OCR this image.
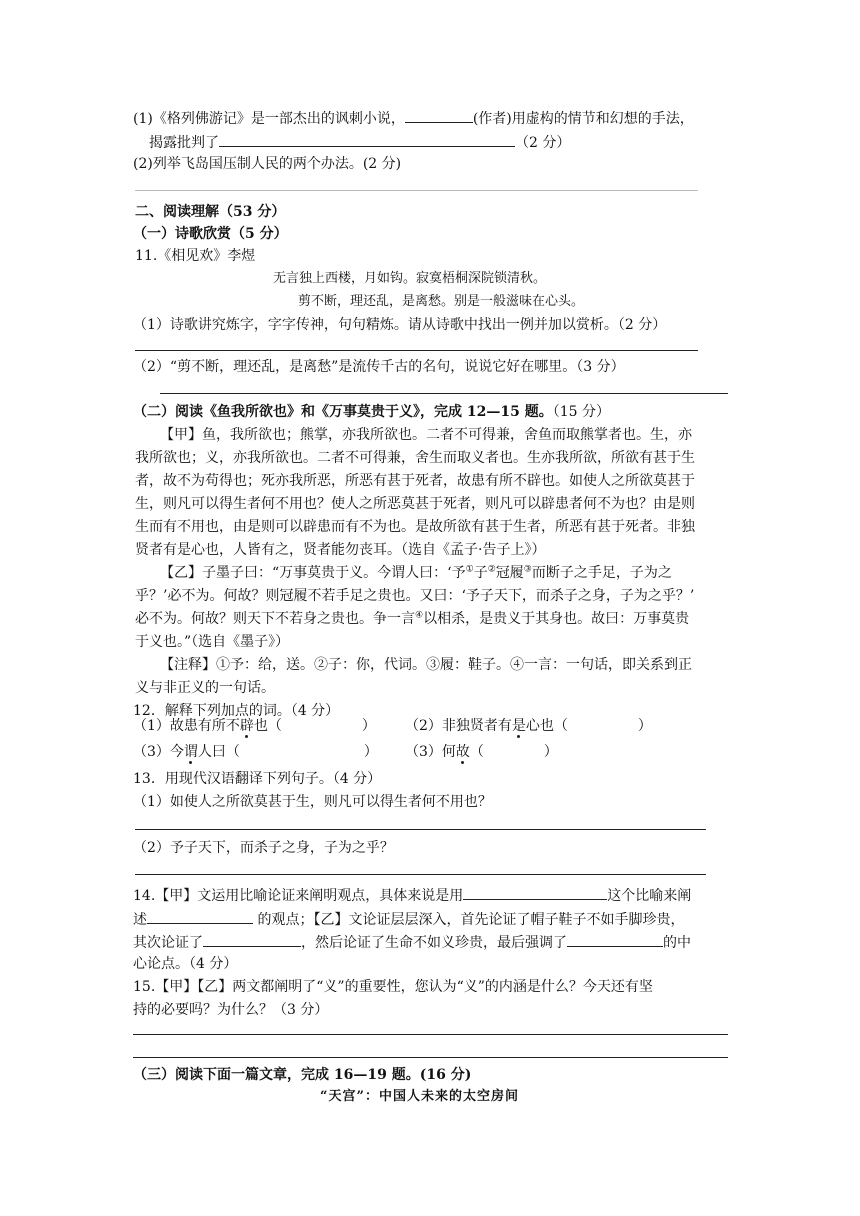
(1)《格列佛游记》是一部杰出的讽刺小说，	(作者)用虚构的情节和幻想的手法，
揭露批判了	（2 分）
(2)列举飞岛国压制人民的两个办法。(2 分)
二、阅读理解（53 分）
（一）诗歌欣赏（5 分）
11.《相见欢》李煜
无言独上西楼，月如钩。寂寞梧桐深院锁清秋。
剪不断，理还乱，是离愁。别是一般滋味在心头。
（1）诗歌讲究炼字，字字传神，句句精炼。请从诗歌中找出一例并加以赏析。（2 分）
（2）“剪不断，理还乱，是离愁”是流传千古的名句，说说它好在哪里。（3 分）
（二）阅读《鱼我所欲也》和《万事莫贵于义》，完成 12—15 题。（15 分）
【甲】鱼，我所欲也；熊掌，亦我所欲也。二者不可得兼，舍鱼而取熊掌者也。生，亦
我所欲也；义，亦我所欲也。二者不可得兼，舍生而取义者也。生亦我所欲，所欲有甚于生
者，故不为苟得也；死亦我所恶，所恶有甚于死者，故患有所不辟也。如使人之所欲莫甚于
生，则凡可以得生者何不用也？使人之所恶莫甚于死者，则凡可以辟患者何不为也？由是则
生而有不用也，由是则可以辟患而有不为也。是故所欲有甚于生者，所恶有甚于死者。非独
贤者有是心也，人皆有之，贤者能勿丧耳。（选自《孟子·告子上》）
【乙】子墨子曰：“万事莫贵于义。今谓人曰：‘予①子②冠履③而断子之手足，子为之
乎？’必不为。何故？则冠履不若手足之贵也。又曰：‘予子天下，而杀子之身，子为之乎？’
必不为。何故？则天下不若身之贵也。争一言④以相杀，是贵义于其身也。故曰：万事莫贵
于义也。”（选自《墨子》）
【注释】①予：给，送。②子：你，代词。③履：鞋子。④一言：一句话，即关系到正
义与非正义的一句话。
12．解释下列加点的词。（4 分）
（1）故患有所不辟也（	） （2）非独贤者有是心也（	）
（3）今谓人曰（	） （3）何故（	）
13．用现代汉语翻译下列句子。（4 分）
（1）如使人之所欲莫甚于生，则凡可以得生者何不用也？
（2）予子天下，而杀子之身，子为之乎？
14.【甲】文运用比喻论证来阐明观点，具体来说是用	这个比喻来阐
述	的观点；【乙】文论证层层深入，首先论证了帽子鞋子不如手脚珍贵，
其次论证了	，然后论证了生命不如义珍贵，最后强调了	的中
心论点。（4 分）
15.【甲】【乙】两文都阐明了“义”的重要性，您认为“义”的内涵是什么？今天还有坚
持的必要吗？为什么？（3 分）
（三）阅读下面一篇文章，完成 16—19 题。(16 分)
“天宫”：中国人未来的太空房间
